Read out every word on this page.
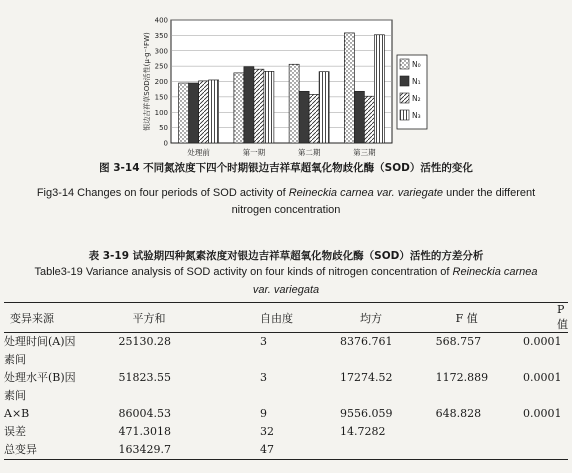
0
50
100
150
200
250
300
350
400
银边吉祥草SOD活性(μ·g⁻¹FW)
处理前	第一期	第二期	第三期
N₀
N₁
N₂
N₃
图 3-14 不同氮浓度下四个时期银边吉祥草超氧化物歧化酶（SOD）活性的变化
Fig3-14 Changes on four periods of SOD activity of Reineckia carnea var. variegate under the different
nitrogen concentration
表 3-19 试验期四种氮素浓度对银边吉祥草超氧化物歧化酶（SOD）活性的方差分析
Table3-19 Variance analysis of SOD activity on four kinds of nitrogen concentration of Reineckia carnea
var. variegata
变异来源	平方和	自由度	均方	F 值	P 值

处理时间(A)因
素间	25130.28	3	8376.761	568.757	0.0001

处理水平(B)因
素间	51823.55	3	17274.52	1172.889	0.0001
A×B	86004.53	9	9556.059	648.828	0.0001
误差	471.3018	32	14.7282		
总变异	163429.7	47			
